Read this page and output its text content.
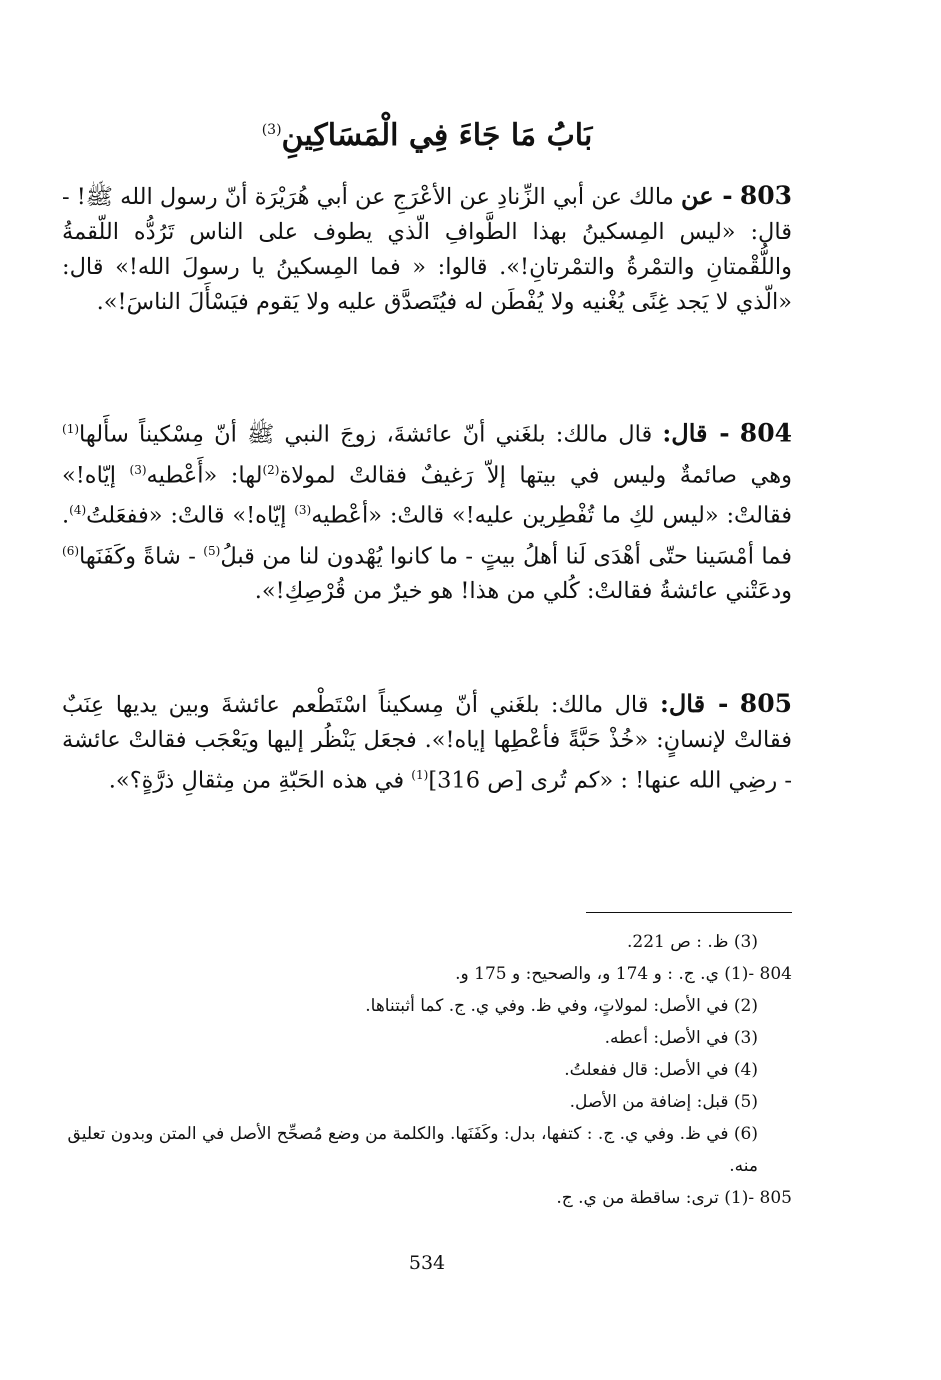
بَابُ مَا جَاءَ فِي الْمَسَاكِينِ$^{(3)}$
803 - عن مالك عن أبي الزِّنادِ عن الأعْرَجِ عن أبي هُرَيْرَة أنّ رسول الله ﷺ! - قال: «ليس المِسكينُ بهذا الطَّوافِ الّذي يطوف على الناس تَرُدُّه اللّقمةُ واللُّقْمتانِ والتمْرةُ والتمْرتانِ!». قالوا: « فما المِسكينُ يا رسولَ الله!» قال: «الّذي لا يَجد غِنًى يُغْنيه ولا يُفْطَن له فيُتَصدَّق عليه ولا يَقوم فيَسْأَلَ الناسَ!».
804 - قال: قال مالك: بلغَني أنّ عائشةَ، زوجَ النبي ﷺ أنّ مِسْكيناً سأَلها$^{(1)}$ وهي صائمةٌ وليس في بيتها إلاّ رَغيفٌ فقالتْ لمولاة$^{(2)}$لها: «أَعْطيه$^{(3)}$ إيّاه!» فقالتْ: «ليس لكِ ما تُفْطِرين عليه!» قالتْ: «أعْطيه$^{(3)}$ إيّاه!» قالتْ: «ففعَلتُ$^{(4)}$. فما أمْسَينا حتّى أهْدَى لَنا أهلُ بيتٍ - ما كانوا يُهْدون لنا من قبلُ$^{(5)}$ - شاةً وكَفَنَها$^{(6)}$ ودعَتْني عائشةُ فقالتْ: كُلي من هذا! هو خيرٌ من قُرْصِكِ!».
805 - قال: قال مالك: بلغَني أنّ مِسكيناً اسْتَطْعم عائشةَ وبين يديها عِنَبٌ فقالتْ لإنسانٍ: «خُذْ حَبَّةً فأعْطِها إياه!». فجعَل يَنْظُر إليها ويَعْجَب فقالتْ عائشة - رضِي الله عنها! : «كم تُرى [ص 316]$^{(1)}$ في هذه الحَبّةِ من مِثقالِ ذرَّةٍ؟».
(3) ظ. : ص 221.
804 -
(1) ي. ج. : و 174 و، والصحيح: و 175 و.
(2) في الأصل: لمولاتٍ، وفي ظ. وفي ي. ج. كما أثبتناها.
(3) في الأصل: أعطه.
(4) في الأصل: قال ففعلتُ.
(5) قبل: إضافة من الأصل.
(6) في ظ. وفي ي. ج. : كتفها، بدل: وكَفَنَها. والكلمة من وضع مُصحِّح الأصل في المتن وبدون تعليق منه.
805 -
(1) ترى: ساقطة من ي. ج.
534
